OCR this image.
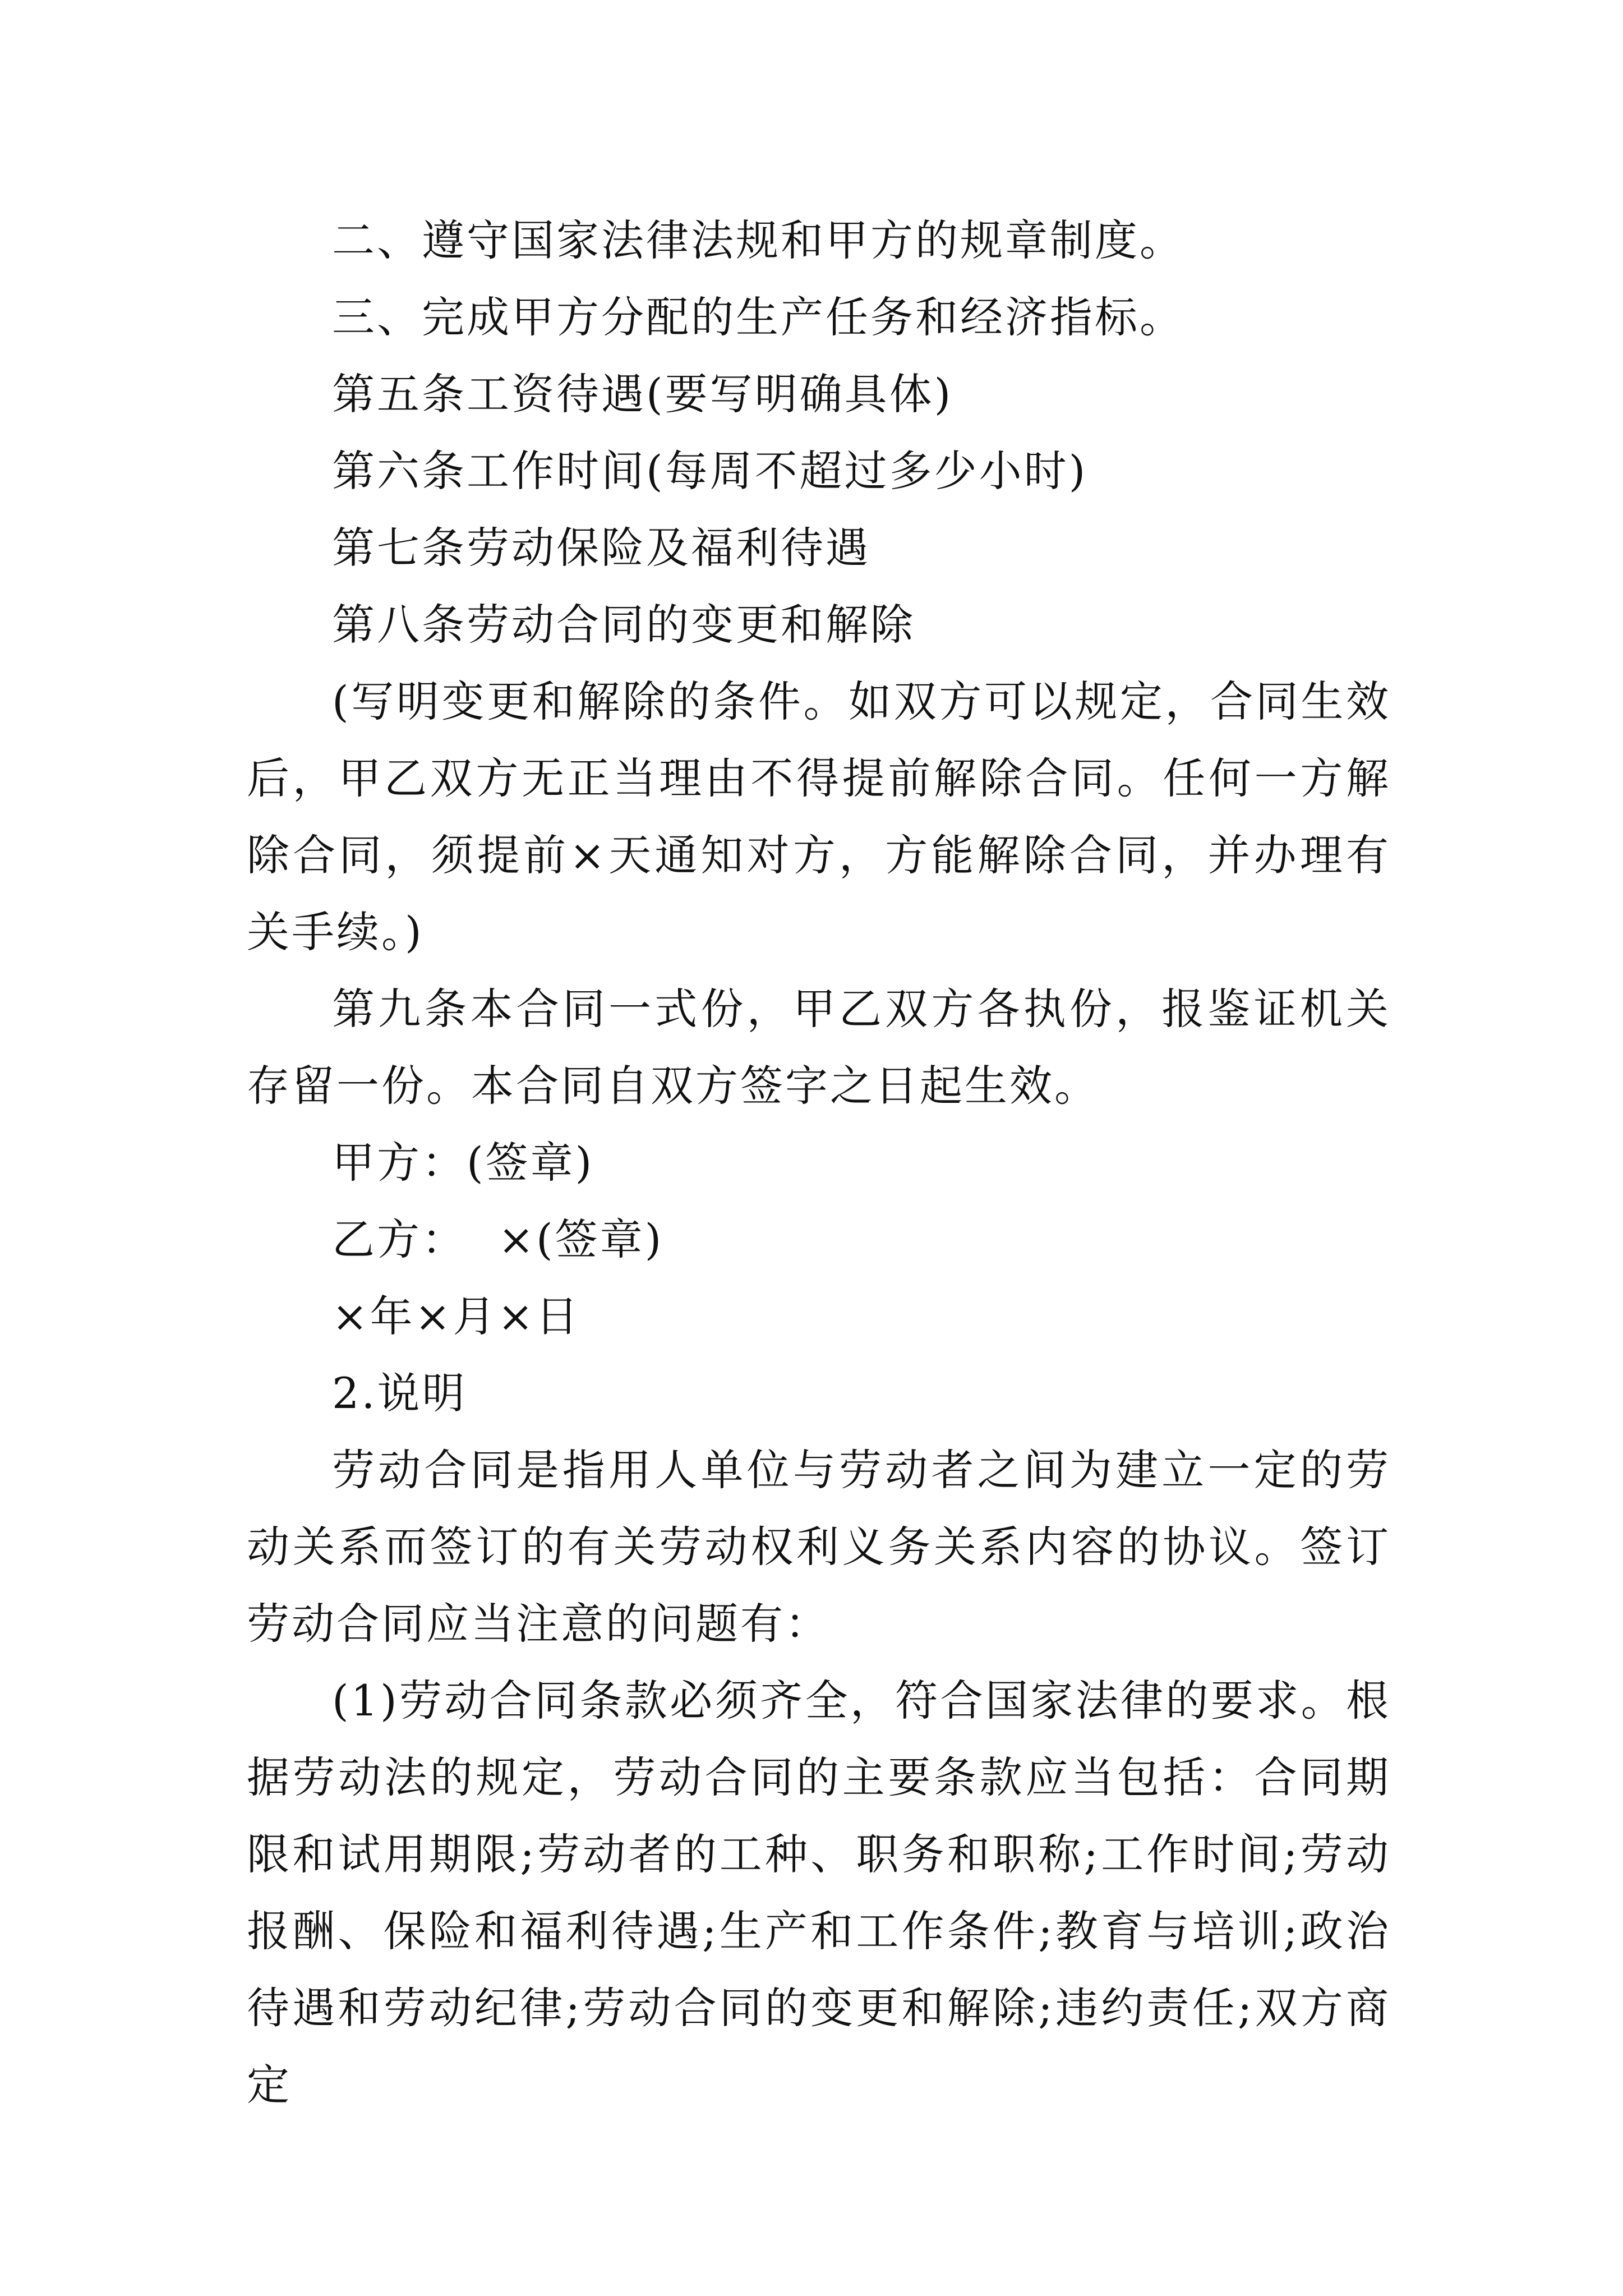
二、遵守国家法律法规和甲方的规章制度。

三、完成甲方分配的生产任务和经济指标。

第五条工资待遇(要写明确具体)

第六条工作时间(每周不超过多少小时)

第七条劳动保险及福利待遇

第八条劳动合同的变更和解除

(写明变更和解除的条件。如双方可以规定，合同生效后，甲乙双方无正当理由不得提前解除合同。任何一方解除合同，须提前×天通知对方，方能解除合同，并办理有关手续。)

第九条本合同一式份，甲乙双方各执份，报鉴证机关存留一份。本合同自双方签字之日起生效。

甲方：(签章)

乙方：  ×(签章)

×年×月×日

2.说明

劳动合同是指用人单位与劳动者之间为建立一定的劳动关系而签订的有关劳动权利义务关系内容的协议。签订劳动合同应当注意的问题有：

(1)劳动合同条款必须齐全，符合国家法律的要求。根据劳动法的规定，劳动合同的主要条款应当包括：合同期限和试用期限;劳动者的工种、职务和职称;工作时间;劳动报酬、保险和福利待遇;生产和工作条件;教育与培训;政治待遇和劳动纪律;劳动合同的变更和解除;违约责任;双方商定
